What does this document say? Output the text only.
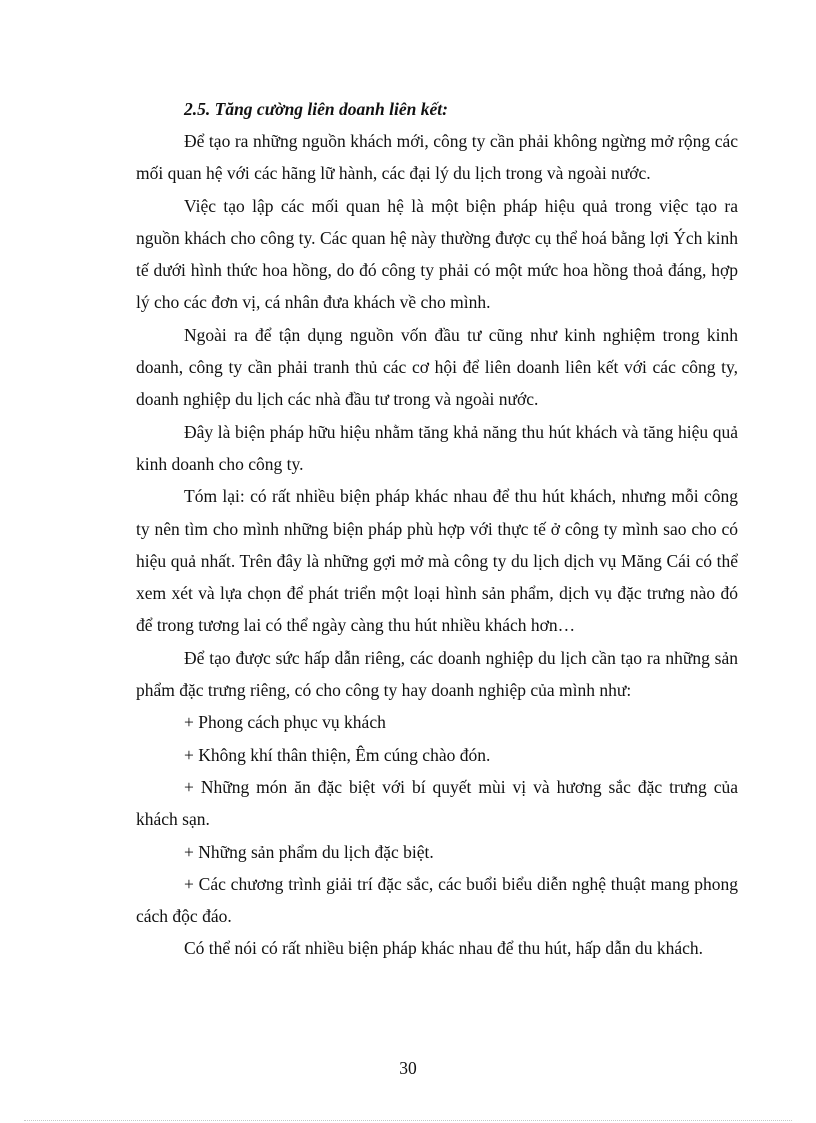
2.5. Tăng cường liên doanh liên kết:

Để tạo ra những nguồn khách mới, công ty cần phải không ngừng mở rộng các mối quan hệ với các hãng lữ hành, các đại lý du lịch trong và ngoài nước.

Việc tạo lập các mối quan hệ là một biện pháp hiệu quả trong việc tạo ra nguồn khách cho công ty. Các quan hệ này thường được cụ thể hoá bằng lợi Ých kinh tế dưới hình thức hoa hồng, do đó công ty phải có một mức hoa hồng thoả đáng, hợp lý cho các đơn vị, cá nhân đưa khách về cho mình.

Ngoài ra để tận dụng nguồn vốn đầu tư cũng như kinh nghiệm trong kinh doanh, công ty cần phải tranh thủ các cơ hội để liên doanh liên kết với các công ty, doanh nghiệp du lịch các nhà đầu tư trong và ngoài nước.

Đây là biện pháp hữu hiệu nhằm tăng khả năng thu hút khách và tăng hiệu quả kinh doanh cho công ty.

Tóm lại: có rất nhiều biện pháp khác nhau để thu hút khách, nhưng mỗi công ty nên tìm cho mình những biện pháp phù hợp với thực tế ở công ty mình sao cho có hiệu quả nhất. Trên đây là những gợi mở mà công ty du lịch dịch vụ Măng Cái có thể xem xét và lựa chọn để phát triển một loại hình sản phẩm, dịch vụ đặc trưng nào đó để trong tương lai có thể ngày càng thu hút nhiều khách hơn…

Để tạo được sức hấp dẫn riêng, các doanh nghiệp du lịch cần tạo ra những sản phẩm đặc trưng riêng, có cho công ty hay doanh nghiệp của mình như:

+ Phong cách phục vụ khách

+ Không khí thân thiện, Êm cúng chào đón.

+ Những món ăn đặc biệt với bí quyết mùi vị và hương sắc đặc trưng của khách sạn.

+ Những sản phẩm du lịch đặc biệt.

+ Các chương trình giải trí đặc sắc, các buổi biểu diễn nghệ thuật mang phong cách độc đáo.

Có thể nói có rất nhiều biện pháp khác nhau để thu hút, hấp dẫn du khách.

30
